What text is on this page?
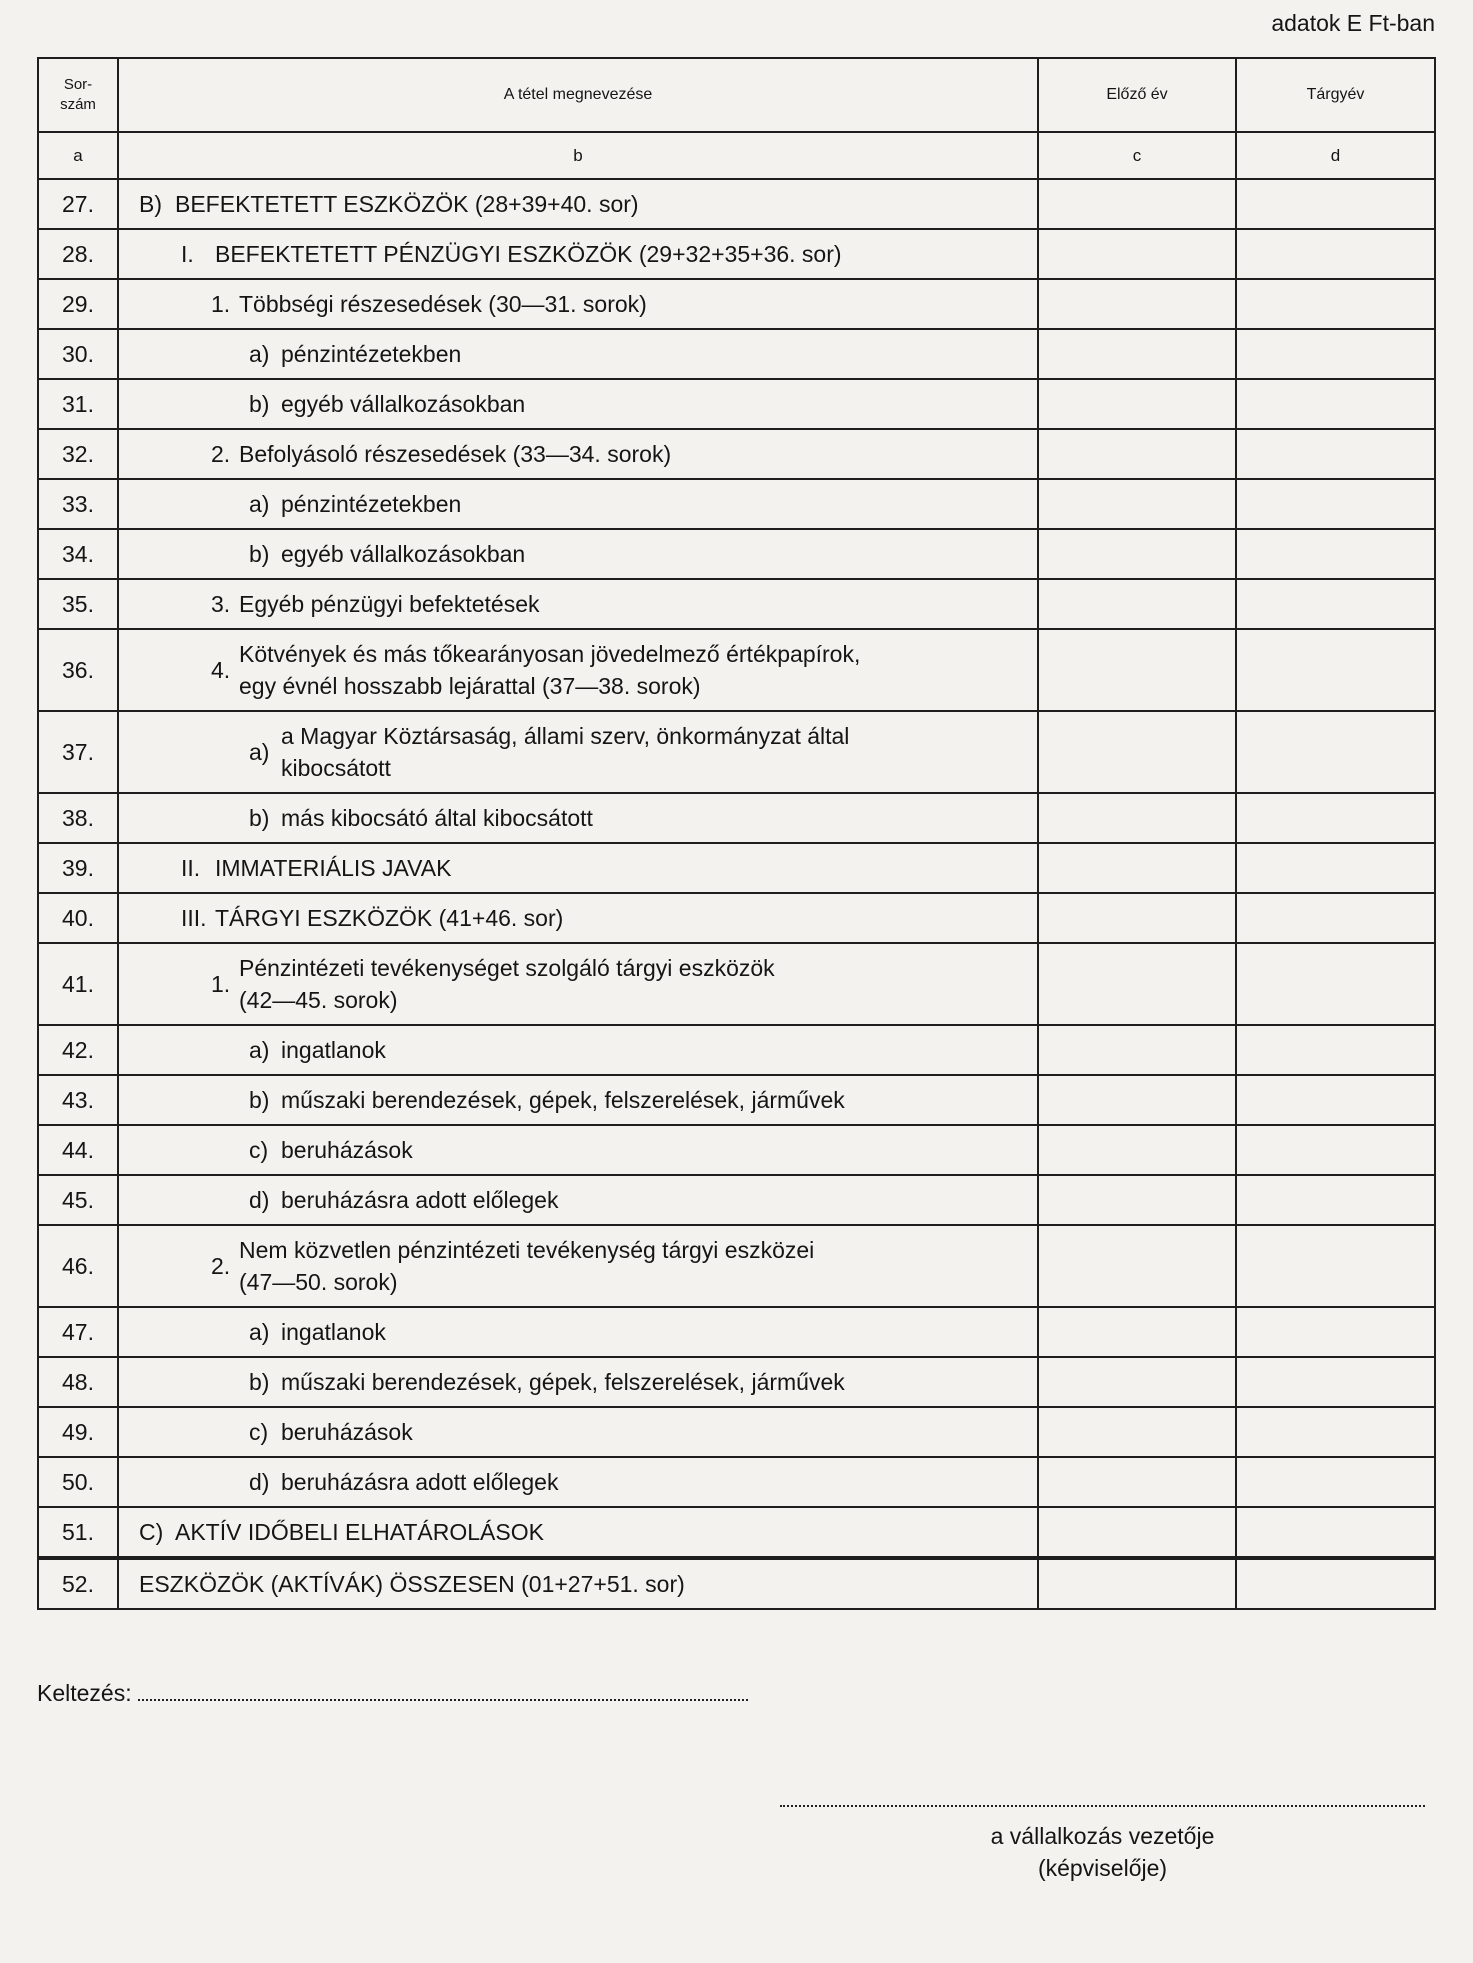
adatok E Ft-ban
Sor-
szám	A tétel megnevezése	Előző év	Tárgyév
a	b	c	d
27.	B) BEFEKTETETT ESZKÖZÖK (28+39+40. sor)		

28.	I. BEFEKTETETT PÉNZÜGYI ESZKÖZÖK (29+32+35+36. sor)		

29.	1. Többségi részesedések (30—31. sorok)		

30.	a) pénzintézetekben		

31.	b) egyéb vállalkozásokban		

32.	2. Befolyásoló részesedések (33—34. sorok)		

33.	a) pénzintézetekben		

34.	b) egyéb vállalkozásokban		

35.	3. Egyéb pénzügyi befektetések		

36.	4.
Kötvények és más tőkearányosan jövedelmező értékpapírok,
egy évnél hosszabb lejárattal (37—38. sorok)		

37.	a)
a Magyar Köztársaság, állami szerv, önkormányzat által
kibocsátott		

38.	b) más kibocsátó által kibocsátott		

39.	II. IMMATERIÁLIS JAVAK		

40.	III. TÁRGYI ESZKÖZÖK (41+46. sor)		

41.	1.
Pénzintézeti tevékenységet szolgáló tárgyi eszközök
(42—45. sorok)		

42.	a) ingatlanok		

43.	b) műszaki berendezések, gépek, felszerelések, járművek		

44.	c) beruházások		

45.	d) beruházásra adott előlegek		

46.	2.
Nem közvetlen pénzintézeti tevékenység tárgyi eszközei
(47—50. sorok)		

47.	a) ingatlanok		

48.	b) műszaki berendezések, gépek, felszerelések, járművek		

49.	c) beruházások		

50.	d) beruházásra adott előlegek		

51.	C) AKTÍV IDŐBELI ELHATÁROLÁSOK		

52.	ESZKÖZÖK (AKTÍVÁK) ÖSSZESEN (01+27+51. sor)		

Keltezés:
a vállalkozás vezetője
(képviselője)
